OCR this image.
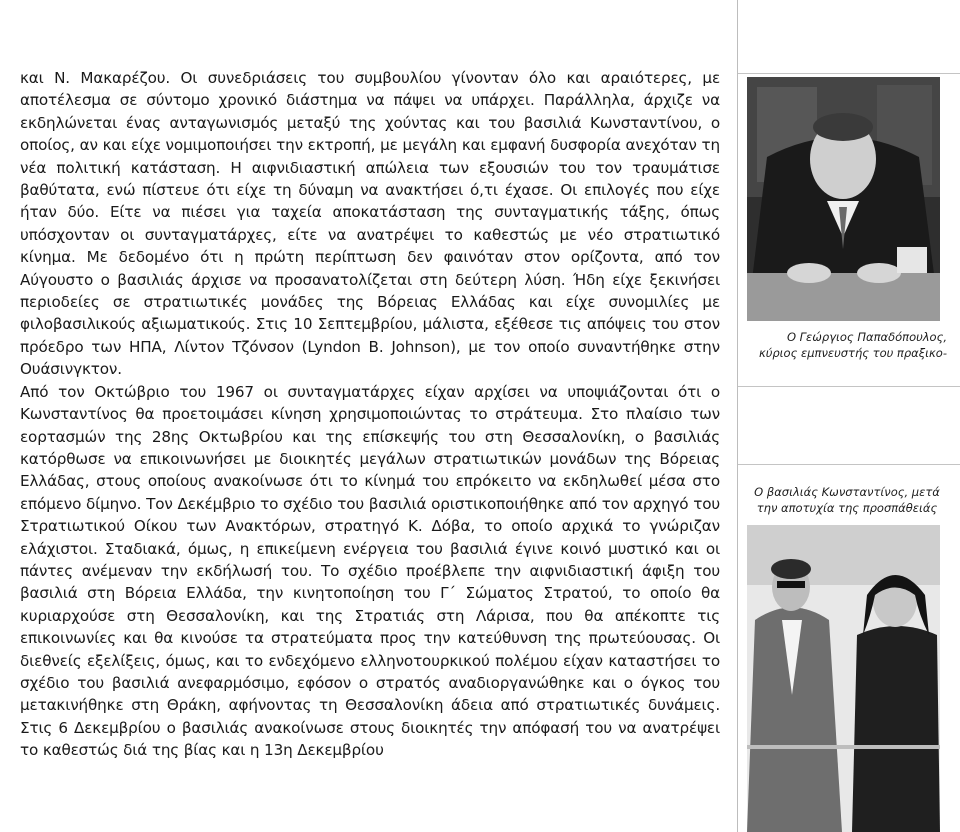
και Ν. Μακαρέζου. Οι συνεδριάσεις του συμβουλίου γίνονταν όλο και αραιότερες, με αποτέλεσμα σε σύντομο χρονικό διάστημα να πάψει να υπάρχει. Παράλληλα, άρχιζε να εκδηλώνεται ένας ανταγωνισμός μεταξύ της χούντας και του βασιλιά Κωνσταντίνου, ο οποίος, αν και είχε νομιμοποιήσει την εκτροπή, με μεγάλη και εμφανή δυσφορία ανεχόταν τη νέα πολιτική κατάσταση. Η αιφνιδιαστική απώλεια των εξουσιών του τον τραυμάτισε βαθύτατα, ενώ πίστευε ότι είχε τη δύναμη να ανακτήσει ό,τι έχασε. Οι επιλογές που είχε ήταν δύο. Είτε να πιέσει για ταχεία αποκατάσταση της συνταγματικής τάξης, όπως υπόσχονταν οι συνταγματάρχες, είτε να ανατρέψει το καθεστώς με νέο στρατιωτικό κίνημα. Με δεδομένο ότι η πρώτη περίπτωση δεν φαινόταν στον ορίζοντα, από τον Αύγουστο ο βασιλιάς άρχισε να προσανατολίζεται στη δεύτερη λύση. Ήδη είχε ξεκινήσει περιοδείες σε στρατιωτικές μονάδες της Βόρειας Ελλάδας και είχε συνομιλίες με φιλοβασιλικούς αξιωματικούς. Στις 10 Σεπτεμβρίου, μάλιστα, εξέθεσε τις απόψεις του στον πρόεδρο των ΗΠΑ, Λίντον Τζόνσον (Lyndon B. Johnson), με τον οποίο συναντήθηκε στην Ουάσινγκτον.

Από τον Οκτώβριο του 1967 οι συνταγματάρχες είχαν αρχίσει να υποψιάζονται ότι ο Κωνσταντίνος θα προετοιμάσει κίνηση χρησιμοποιώντας το στράτευμα. Στο πλαίσιο των εορτασμών της 28ης Οκτωβρίου και της επίσκεψής του στη Θεσσαλονίκη, ο βασιλιάς κατόρθωσε να επικοινωνήσει με διοικητές μεγάλων στρατιωτικών μονάδων της Βόρειας Ελλάδας, στους οποίους ανακοίνωσε ότι το κίνημά του επρόκειτο να εκδηλωθεί μέσα στο επόμενο δίμηνο. Τον Δεκέμβριο το σχέδιο του βασιλιά οριστικοποιήθηκε από τον αρχηγό του Στρατιωτικού Οίκου των Ανακτόρων, στρατηγό Κ. Δόβα, το οποίο αρχικά το γνώριζαν ελάχιστοι. Σταδιακά, όμως, η επικείμενη ενέργεια του βασιλιά έγινε κοινό μυστικό και οι πάντες ανέμεναν την εκδήλωσή του. Το σχέδιο προέβλεπε την αιφνιδιαστική άφιξη του βασιλιά στη Βόρεια Ελλάδα, την κινητοποίηση του Γ΄ Σώματος Στρατού, το οποίο θα κυριαρχούσε στη Θεσσαλονίκη, και της Στρατιάς στη Λάρισα, που θα απέκοπτε τις επικοινωνίες και θα κινούσε τα στρατεύματα προς την κατεύθυνση της πρωτεύουσας. Οι διεθνείς εξελίξεις, όμως, και το ενδεχόμενο ελληνοτουρκικού πολέμου είχαν καταστήσει το σχέδιο του βασιλιά ανεφαρμόσιμο, εφόσον ο στρατός αναδιοργανώθηκε και ο όγκος του μετακινήθηκε στη Θράκη, αφήνοντας τη Θεσσαλονίκη άδεια από στρατιωτικές δυνάμεις. Στις 6 Δεκεμβρίου ο βασιλιάς ανακοίνωσε στους διοικητές την απόφασή του να ανατρέψει το καθεστώς διά της βίας και η 13η Δεκεμβρίου

Ο Γεώργιος Παπαδόπουλος, κύριος εμπνευστής του πραξικο-
Ο βασιλιάς Κωνσταντίνος, μετά την αποτυχία της προσπάθειάς
